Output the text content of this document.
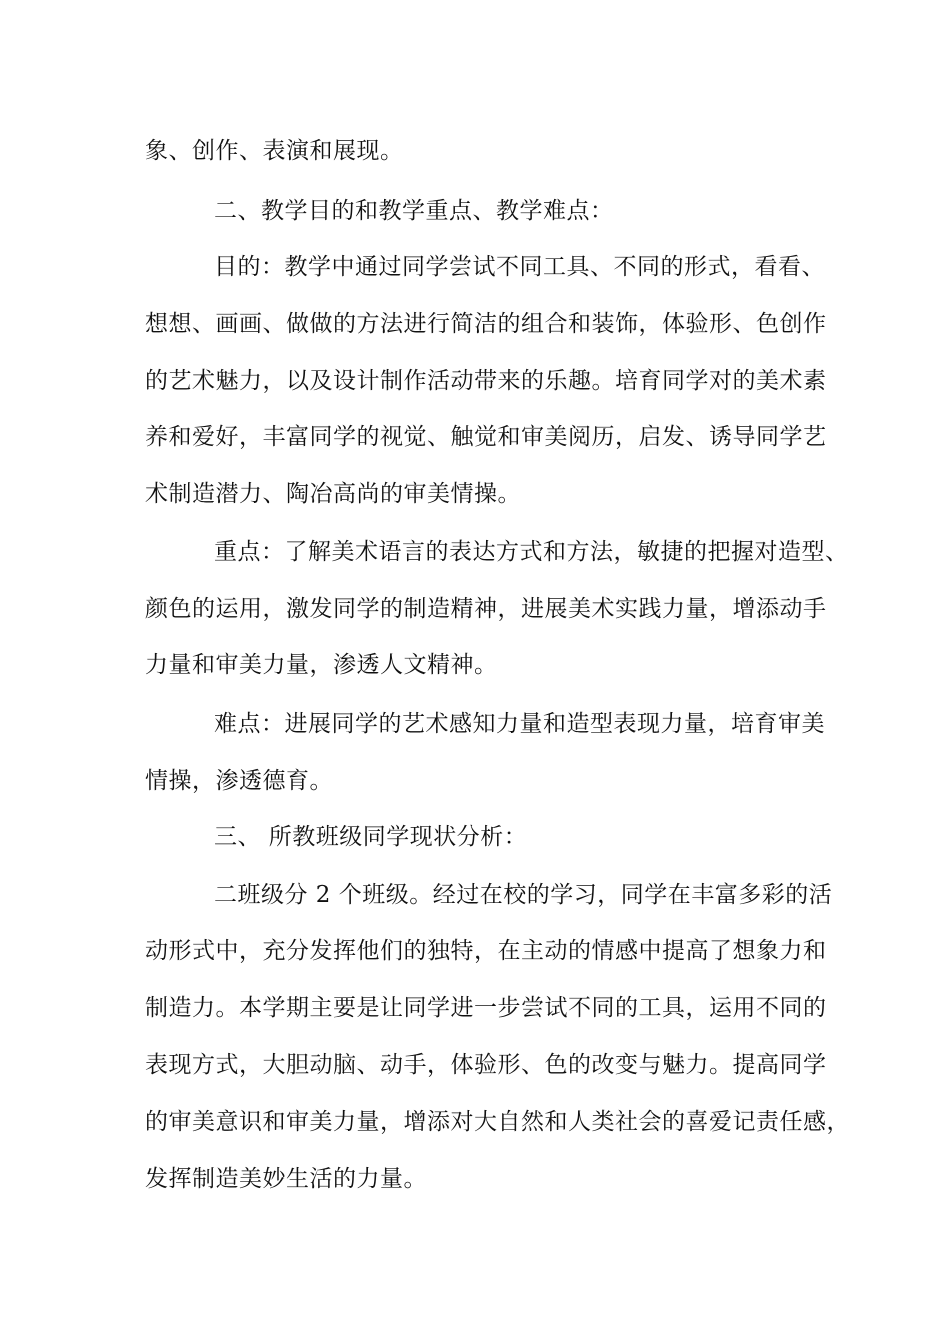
象、创作、表演和展现。
二、教学目的和教学重点、教学难点：
目的：教学中通过同学尝试不同工具、不同的形式，看看、
想想、画画、做做的方法进行简洁的组合和装饰，体验形、色创作
的艺术魅力，以及设计制作活动带来的乐趣。培育同学对的美术素
养和爱好，丰富同学的视觉、触觉和审美阅历，启发、诱导同学艺
术制造潜力、陶冶高尚的审美情操。
重点：了解美术语言的表达方式和方法，敏捷的把握对造型、
颜色的运用，激发同学的制造精神，进展美术实践力量，增添动手
力量和审美力量，渗透人文精神。
难点：进展同学的艺术感知力量和造型表现力量，培育审美
情操，渗透德育。
三、 所教班级同学现状分析：
二班级分 2 个班级。经过在校的学习，同学在丰富多彩的活
动形式中，充分发挥他们的独特，在主动的情感中提高了想象力和
制造力。本学期主要是让同学进一步尝试不同的工具，运用不同的
表现方式，大胆动脑、动手，体验形、色的改变与魅力。提高同学
的审美意识和审美力量，增添对大自然和人类社会的喜爱记责任感，
发挥制造美妙生活的力量。
